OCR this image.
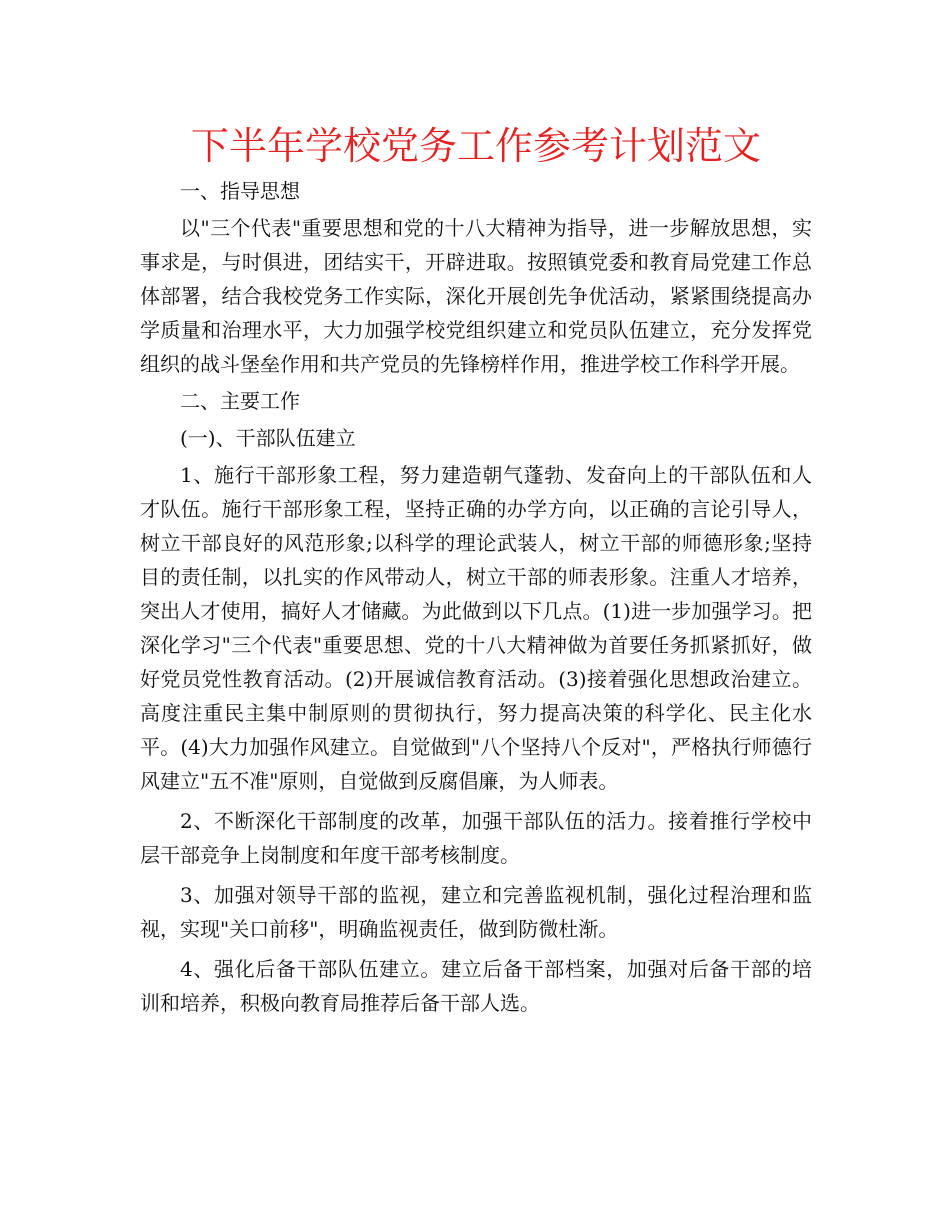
下半年学校党务工作参考计划范文

一、指导思想

以"三个代表"重要思想和党的十八大精神为指导，进一步解放思想，实事求是，与时俱进，团结实干，开辟进取。按照镇党委和教育局党建工作总体部署，结合我校党务工作实际，深化开展创先争优活动，紧紧围绕提高办学质量和治理水平，大力加强学校党组织建立和党员队伍建立，充分发挥党组织的战斗堡垒作用和共产党员的先锋榜样作用，推进学校工作科学开展。

二、主要工作

(一)、干部队伍建立

1、施行干部形象工程，努力建造朝气蓬勃、发奋向上的干部队伍和人才队伍。施行干部形象工程，坚持正确的办学方向，以正确的言论引导人，树立干部良好的风范形象;以科学的理论武装人，树立干部的师德形象;坚持目的责任制，以扎实的作风带动人，树立干部的师表形象。注重人才培养，突出人才使用，搞好人才储藏。为此做到以下几点。(1)进一步加强学习。把深化学习"三个代表"重要思想、党的十八大精神做为首要任务抓紧抓好，做好党员党性教育活动。(2)开展诚信教育活动。(3)接着强化思想政治建立。高度注重民主集中制原则的贯彻执行，努力提高决策的科学化、民主化水平。(4)大力加强作风建立。自觉做到"八个坚持八个反对"，严格执行师德行风建立"五不准"原则，自觉做到反腐倡廉，为人师表。

2、不断深化干部制度的改革，加强干部队伍的活力。接着推行学校中层干部竞争上岗制度和年度干部考核制度。

3、加强对领导干部的监视，建立和完善监视机制，强化过程治理和监视，实现"关口前移"，明确监视责任，做到防微杜渐。

4、强化后备干部队伍建立。建立后备干部档案，加强对后备干部的培训和培养，积极向教育局推荐后备干部人选。
